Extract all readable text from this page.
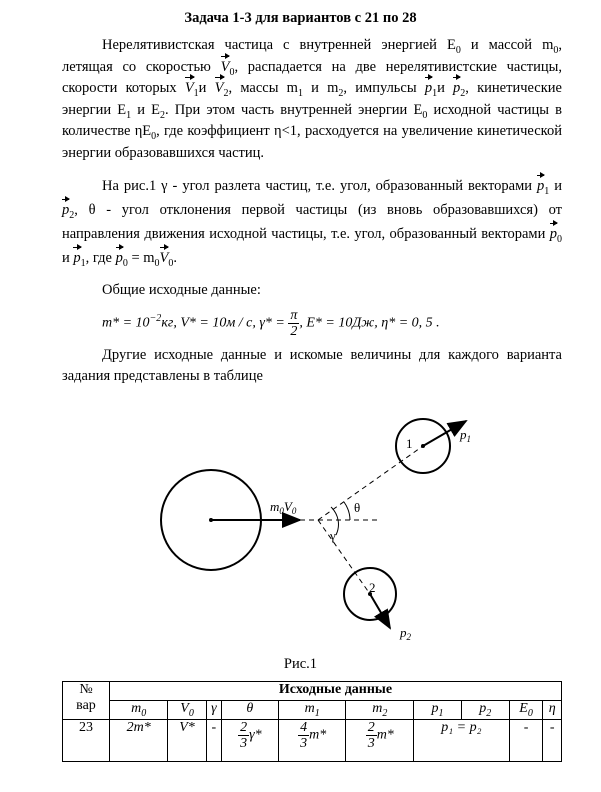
Задача 1-3 для вариантов с 21 по 28
Нерелятивистская частица с внутренней энергией $E_0$ и массой $m_0$, летящая со скоростью $V_0$, распадается на две нерелятивистские частицы, скорости которых $V_1и$ $V_2$, массы $m_1$ и $m_2$, импульсы $p_1и$ $p_2$, кинетические энергии $E_1$ и $E_2$. При этом часть внутренней энергии $E_0$ исходной частицы в количестве $\eta E_0$, где коэффициент η<1, расходуется на увеличение кинетической энергии образовавшихся частиц.
На рис.1 γ - угол разлета частиц, т.е. угол, образованный векторами $p_1$ и $p_2$, θ - угол отклонения первой частицы (из вновь образовавшихся) от направления движения исходной частицы, т.е. угол, образованный векторами $p_0$ и $p_1$, где $p_0 = m_0V_0$.
Общие исходные данные:
$m* = 10^{-2}кг$, V* = 10м / с, $\gamma* = \frac{\pi}{2}$ , E* = 10Дж, η* = 0, 5 .
Другие исходные данные и искомые величины для каждого варианта задания представлены в таблице
$m_0V_0$	θ
γ
1
2
$p_1$
$p_2$
Рис.1
№
вар	Исходные данные									
	$m_0$	$V_0$	γ	θ	$m_1$	$m_2$	$p_1$	$p_2$	$E_0$	η
23	2m*	V*	-	$\frac{2}{3} \gamma*$	$\frac{4}{3} m*$	$\frac{2}{3} m*$	p₁ = p₂		-	-
